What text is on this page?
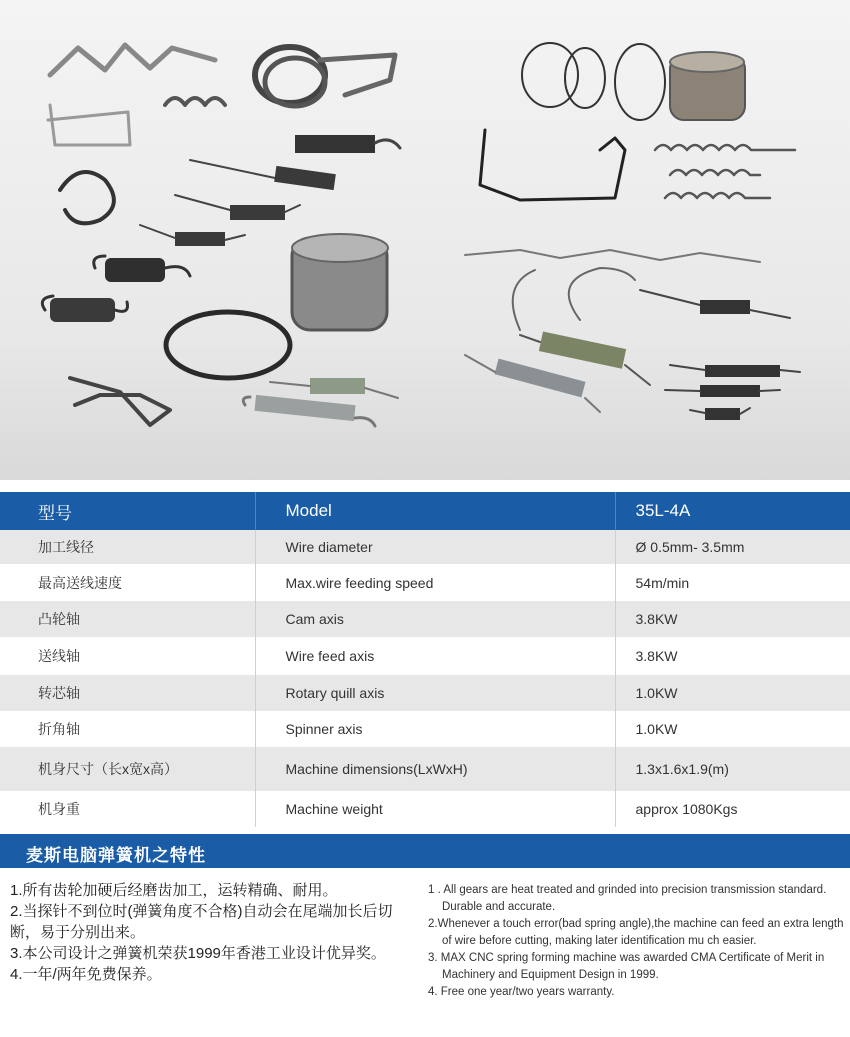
型号	Model	35L-4A
加工线径	Wire diameter	Ø 0.5mm- 3.5mm
最高送线速度	Max.wire feeding speed	54m/min
凸轮轴	Cam axis	3.8KW
送线轴	Wire feed axis	3.8KW
转芯轴	Rotary quill axis	1.0KW
折角轴	Spinner axis	1.0KW
机身尺寸（长x宽x高）	Machine dimensions(LxWxH)	1.3x1.6x1.9(m)
机身重	Machine weight	approx 1080Kgs
麦斯电脑弹簧机之特性

1.所有齿轮加硬后经磨齿加工，运转精确、耐用。

2.当探针不到位时(弹簧角度不合格)自动会在尾端加长后切断，易于分别出来。

3.本公司设计之弹簧机荣获1999年香港工业设计优异奖。

4.一年/两年免费保养。

1 . All gears are heat treated and grinded into precision transmission standard. Durable and accurate.

2.Whenever a touch error(bad spring angle),the machine can feed an extra length of wire before cutting, making later identification mu ch easier.

3. MAX CNC spring forming machine was awarded CMA Certificate of Merit in Machinery and Equipment Design in 1999.

4. Free one year/two years warranty.
